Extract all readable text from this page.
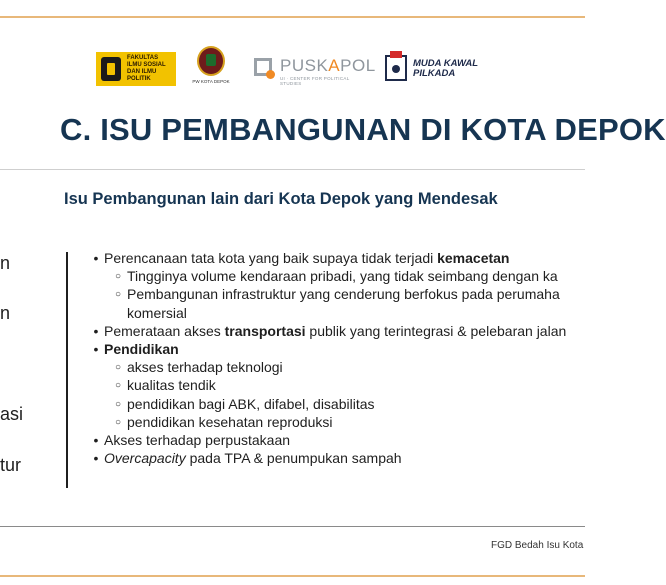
FAKULTAS
ILMU SOSIAL
DAN ILMU
POLITIK	PW KOTA DEPOK
PUSKAPOL
UI · CENTER FOR POLITICAL STUDIES
MUDA KAWAL
PILKADA
C. ISU PEMBANGUNAN DI KOTA DEPOK
Isu Pembangunan lain dari Kota Depok yang Mendesak
n
n
asi
tur
• Perencanaan tata kota yang baik supaya tidak terjadi kemacetan
○ Tingginya volume kendaraan pribadi, yang tidak seimbang dengan ka
○ Pembangunan infrastruktur yang cenderung berfokus pada perumaha
komersial
• Pemerataan akses transportasi publik yang terintegrasi & pelebaran jalan
• Pendidikan
○ akses terhadap teknologi
○ kualitas tendik
○ pendidikan bagi ABK, difabel, disabilitas
○ pendidikan kesehatan reproduksi
• Akses terhadap perpustakaan
• Overcapacity pada TPA & penumpukan sampah
FGD Bedah Isu Kota
